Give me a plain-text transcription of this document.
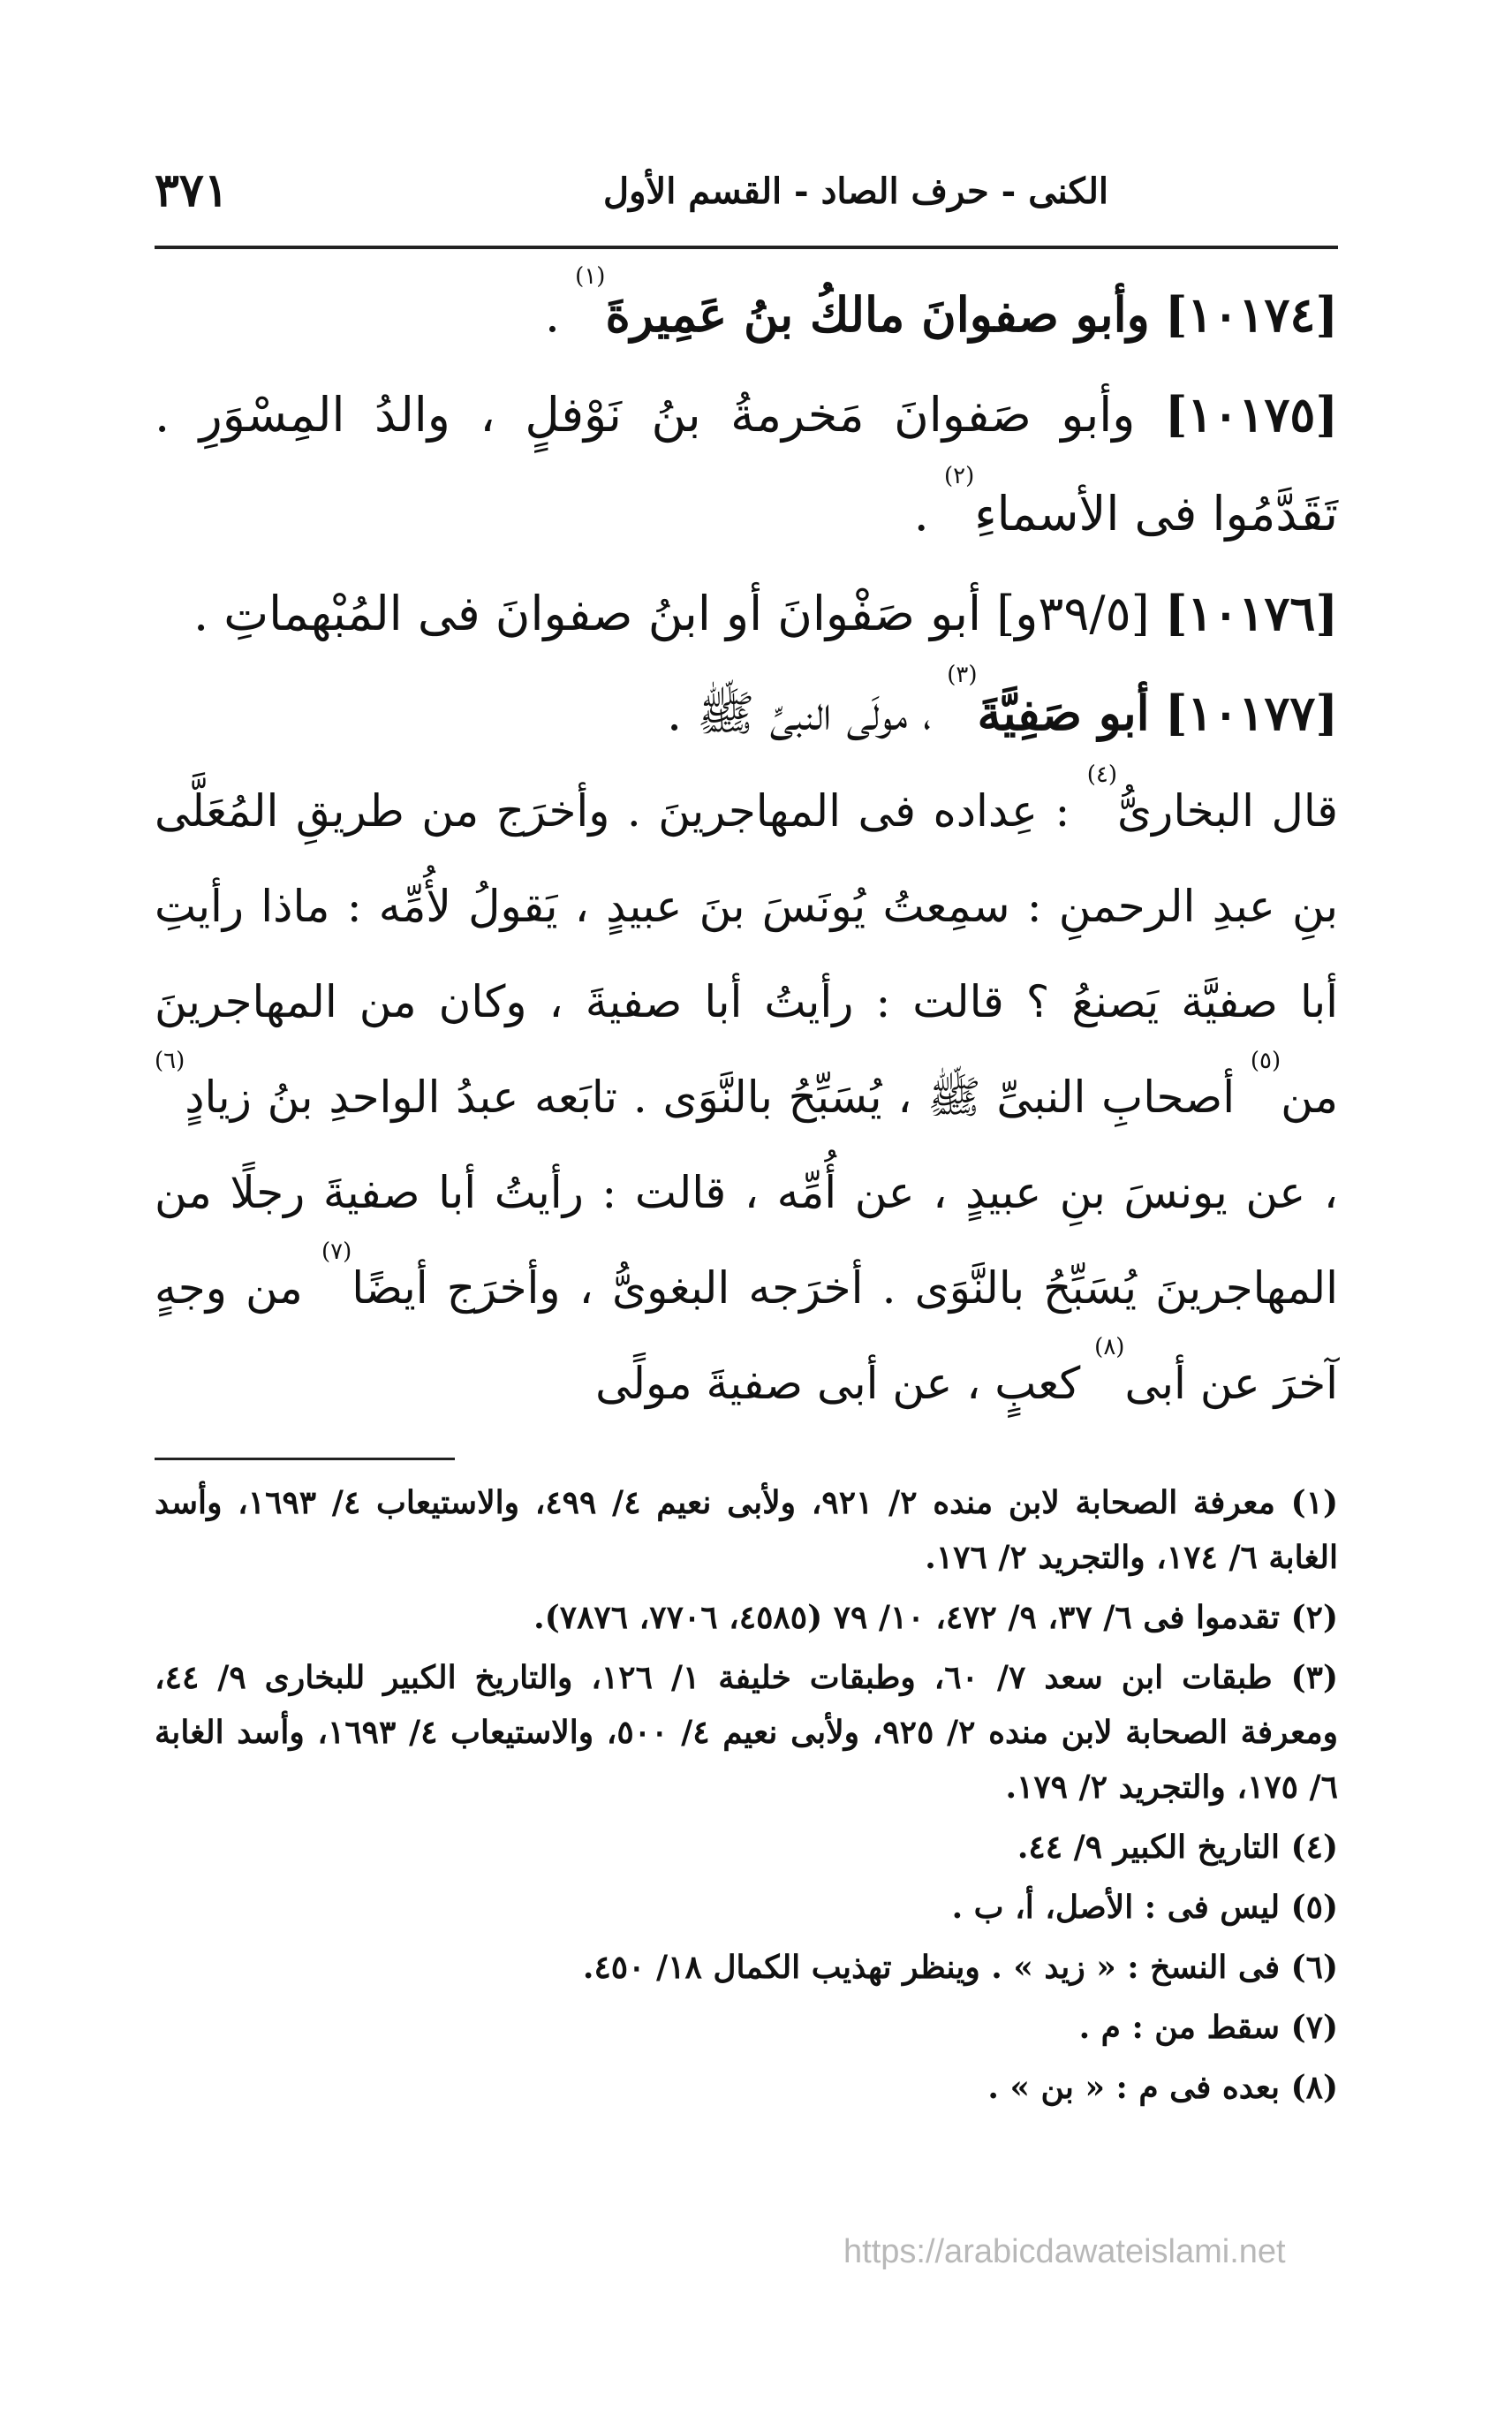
٣٧١	الكنى - حرف الصاد - القسم الأول

[١٠١٧٤] وأبو صفوانَ مالكُ بنُ عَمِيرةَ$^{(١)}$ .

[١٠١٧٥] وأبو صَفوانَ مَخرمةُ بنُ نَوْفلٍ ، والدُ المِسْوَرِ . تَقَدَّمُوا فى الأسماءِ$^{(٢)}$ .

[١٠١٧٦] [٣٩/٥و] أبو صَفْوانَ أو ابنُ صفوانَ فى المُبْهماتِ .

[١٠١٧٧] أبو صَفِيَّةَ$^{(٣)}$ ، مولَى النبىِّ ﷺ .

قال البخارىُّ$^{(٤)}$ : عِداده فى المهاجرينَ . وأخرَج من طريقِ المُعَلَّى بنِ عبدِ الرحمنِ : سمِعتُ يُونَسَ بنَ عبيدٍ ، يَقولُ لأُمِّه : ماذا رأيتِ أبا صفيَّة يَصنعُ ؟ قالت : رأيتُ أبا صفيةَ ، وكان من المهاجرينَ من$^{(٥)}$ أصحابِ النبىِّ ﷺ ، يُسَبِّحُ بالنَّوَى . تابَعه عبدُ الواحدِ بنُ زيادٍ$^{(٦)}$ ، عن يونسَ بنِ عبيدٍ ، عن أُمِّه ، قالت : رأيتُ أبا صفيةَ رجلًا من المهاجرينَ يُسَبِّحُ بالنَّوَى . أخرَجه البغوىُّ ، وأخرَج أيضًا$^{(٧)}$ من وجهٍ آخرَ عن أبى$^{(٨)}$ كعبٍ ، عن أبى صفيةَ مولًى

(١) معرفة الصحابة لابن منده ٢/ ٩٢١، ولأبى نعيم ٤/ ٤٩٩، والاستيعاب ٤/ ١٦٩٣، وأسد الغابة ٦/ ١٧٤، والتجريد ٢/ ١٧٦.

(٢) تقدموا فى ٦/ ٣٧، ٩/ ٤٧٢، ١٠/ ٧٩ (٤٥٨٥، ٧٧٠٦، ٧٨٧٦).

(٣) طبقات ابن سعد ٧/ ٦٠، وطبقات خليفة ١/ ١٢٦، والتاريخ الكبير للبخارى ٩/ ٤٤، ومعرفة الصحابة لابن منده ٢/ ٩٢٥، ولأبى نعيم ٤/ ٥٠٠، والاستيعاب ٤/ ١٦٩٣، وأسد الغابة ٦/ ١٧٥، والتجريد ٢/ ١٧٩.

(٤) التاريخ الكبير ٩/ ٤٤.

(٥) ليس فى : الأصل، أ، ب .

(٦) فى النسخ : « زيد » . وينظر تهذيب الكمال ١٨/ ٤٥٠.

(٧) سقط من : م .

(٨) بعده فى م : « بن » .

https://arabicdawateislami.net
